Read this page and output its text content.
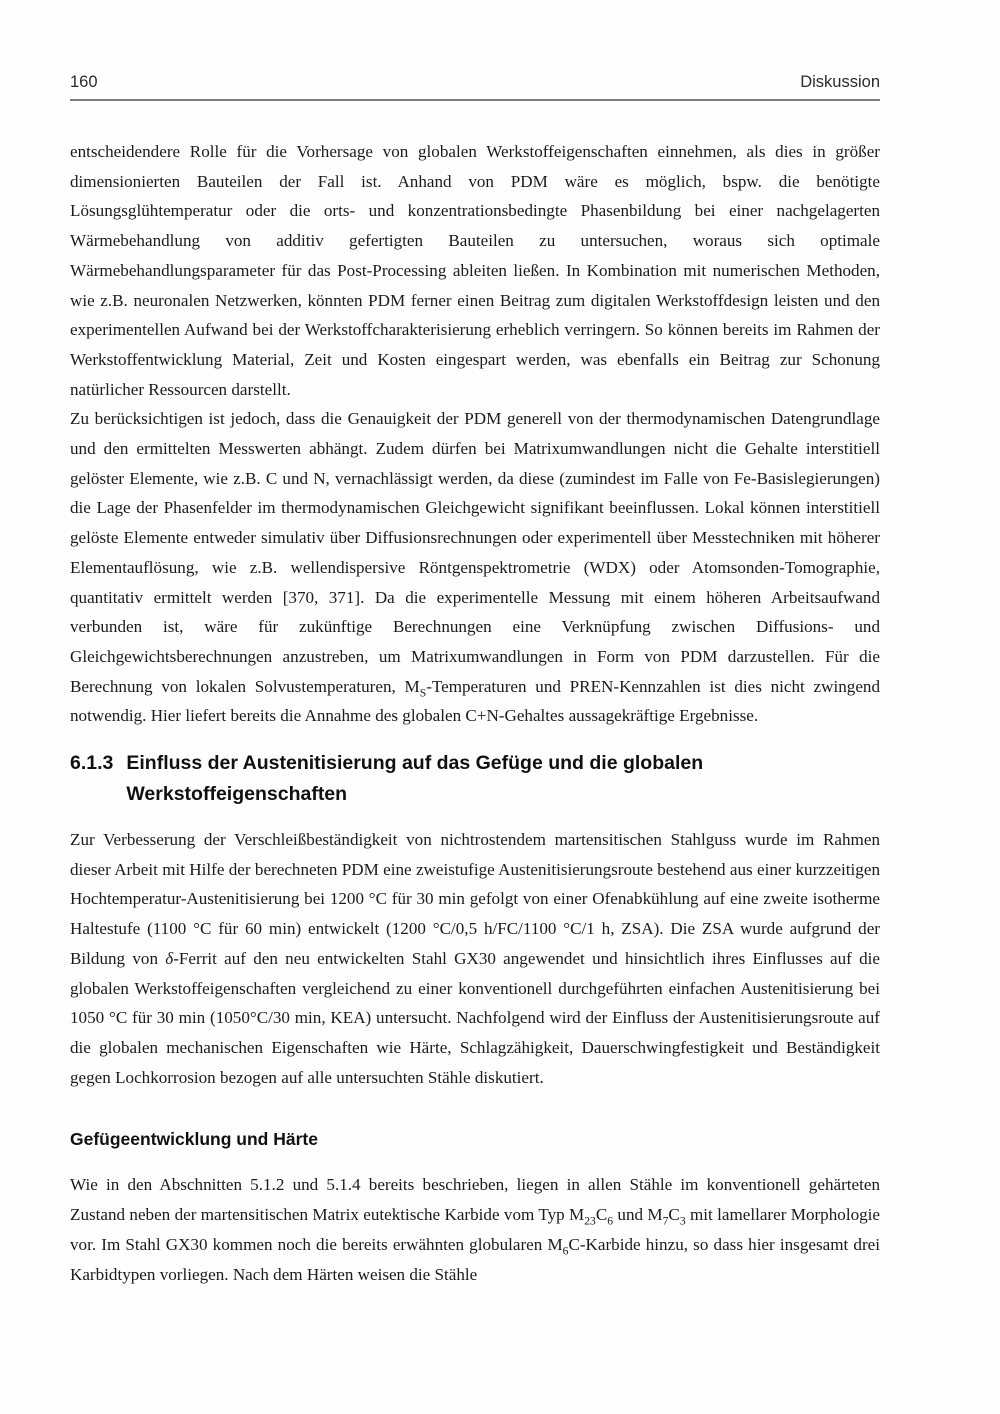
160	Diskussion

entscheidendere Rolle für die Vorhersage von globalen Werkstoffeigenschaften einnehmen, als dies in größer dimensionierten Bauteilen der Fall ist. Anhand von PDM wäre es möglich, bspw. die benötigte Lösungsglühtemperatur oder die orts- und konzentrationsbedingte Phasenbildung bei einer nachgelagerten Wärmebehandlung von additiv gefertigten Bauteilen zu untersuchen, woraus sich optimale Wärmebehandlungsparameter für das Post-Processing ableiten ließen. In Kombination mit numerischen Methoden, wie z.B. neuronalen Netzwerken, könnten PDM ferner einen Beitrag zum digitalen Werkstoffdesign leisten und den experimentellen Aufwand bei der Werkstoffcharakterisierung erheblich verringern. So können bereits im Rahmen der Werkstoffentwicklung Material, Zeit und Kosten eingespart werden, was ebenfalls ein Beitrag zur Schonung natürlicher Ressourcen darstellt.

Zu berücksichtigen ist jedoch, dass die Genauigkeit der PDM generell von der thermodynamischen Datengrundlage und den ermittelten Messwerten abhängt. Zudem dürfen bei Matrixumwandlungen nicht die Gehalte interstitiell gelöster Elemente, wie z.B. C und N, vernachlässigt werden, da diese (zumindest im Falle von Fe-Basislegierungen) die Lage der Phasenfelder im thermodynamischen Gleichgewicht signifikant beeinflussen. Lokal können interstitiell gelöste Elemente entweder simulativ über Diffusionsrechnungen oder experimentell über Messtechniken mit höherer Elementauflösung, wie z.B. wellendispersive Röntgenspektrometrie (WDX) oder Atomsonden-Tomographie, quantitativ ermittelt werden [370, 371]. Da die experimentelle Messung mit einem höheren Arbeitsaufwand verbunden ist, wäre für zukünftige Berechnungen eine Verknüpfung zwischen Diffusions- und Gleichgewichtsberechnungen anzustreben, um Matrixumwandlungen in Form von PDM darzustellen. Für die Berechnung von lokalen Solvustemperaturen, $M_S$-Temperaturen und PREN-Kennzahlen ist dies nicht zwingend notwendig. Hier liefert bereits die Annahme des globalen C+N-Gehaltes aussagekräftige Ergebnisse.

6.1.3 Einfluss der Austenitisierung auf das Gefüge und die globalen
Werkstoffeigenschaften

Zur Verbesserung der Verschleißbeständigkeit von nichtrostendem martensitischen Stahlguss wurde im Rahmen dieser Arbeit mit Hilfe der berechneten PDM eine zweistufige Austenitisierungsroute bestehend aus einer kurzzeitigen Hochtemperatur-Austenitisierung bei 1200 °C für 30 min gefolgt von einer Ofenabkühlung auf eine zweite isotherme Haltestufe (1100 °C für 60 min) entwickelt (1200 °C/0,5 h/FC/1100 °C/1 h, ZSA). Die ZSA wurde aufgrund der Bildung von δ-Ferrit auf den neu entwickelten Stahl GX30 angewendet und hinsichtlich ihres Einflusses auf die globalen Werkstoffeigenschaften vergleichend zu einer konventionell durchgeführten einfachen Austenitisierung bei 1050 °C für 30 min (1050°C/30 min, KEA) untersucht. Nachfolgend wird der Einfluss der Austenitisierungsroute auf die globalen mechanischen Eigenschaften wie Härte, Schlagzähigkeit, Dauerschwingfestigkeit und Beständigkeit gegen Lochkorrosion bezogen auf alle untersuchten Stähle diskutiert.

Gefügeentwicklung und Härte

Wie in den Abschnitten 5.1.2 und 5.1.4 bereits beschrieben, liegen in allen Stähle im konventionell gehärteten Zustand neben der martensitischen Matrix eutektische Karbide vom Typ $M_{23}C_6$ und $M_7C_3$ mit lamellarer Morphologie vor. Im Stahl GX30 kommen noch die bereits erwähnten globularen $M_6C$-Karbide hinzu, so dass hier insgesamt drei Karbidtypen vorliegen. Nach dem Härten weisen die Stähle
